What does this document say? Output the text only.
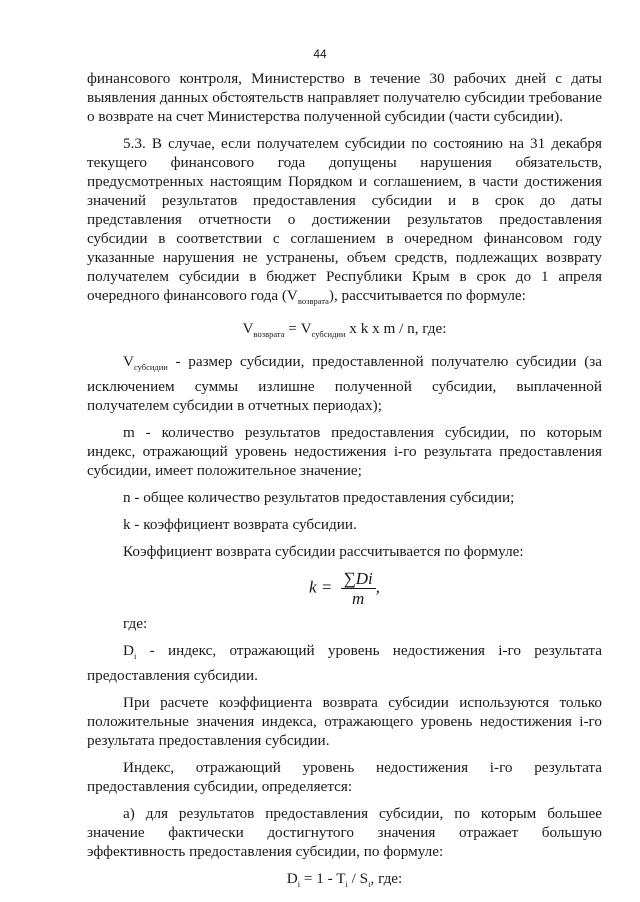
44

финансового контроля, Министерство в течение 30 рабочих дней с даты выявления данных обстоятельств направляет получателю субсидии требование о возврате на счет Министерства полученной субсидии (части субсидии).

5.3. В случае, если получателем субсидии по состоянию на 31 декабря текущего финансового года допущены нарушения обязательств, предусмотренных настоящим Порядком и соглашением, в части достижения значений результатов предоставления субсидии и в срок до даты представления отчетности о достижении результатов предоставления субсидии в соответствии с соглашением в очередном финансовом году указанные нарушения не устранены, объем средств, подлежащих возврату получателем субсидии в бюджет Республики Крым в срок до 1 апреля очередного финансового года $(V_{возврата})$, рассчитывается по формуле:

$V_{возврата} = V_{субсидии}$ x k x m / n, где:

$V_{субсидии}$ - размер субсидии, предоставленной получателю субсидии (за исключением суммы излишне полученной субсидии, выплаченной получателем субсидии в отчетных периодах);

m - количество результатов предоставления субсидии, по которым индекс, отражающий уровень недостижения i-го результата предоставления субсидии, имеет положительное значение;

n - общее количество результатов предоставления субсидии;

k - коэффициент возврата субсидии.

Коэффициент возврата субсидии рассчитывается по формуле:

$k = \frac{\sum Di}{m}$ ,

где:

$D_i$ - индекс, отражающий уровень недостижения i-го результата предоставления субсидии.

При расчете коэффициента возврата субсидии используются только положительные значения индекса, отражающего уровень недостижения i-го результата предоставления субсидии.

Индекс, отражающий уровень недостижения i-го результата предоставления субсидии, определяется:

а) для результатов предоставления субсидии, по которым большее значение фактически достигнутого значения отражает большую эффективность предоставления субсидии, по формуле:

$D_i = 1 - T_i / S_i$, где:
